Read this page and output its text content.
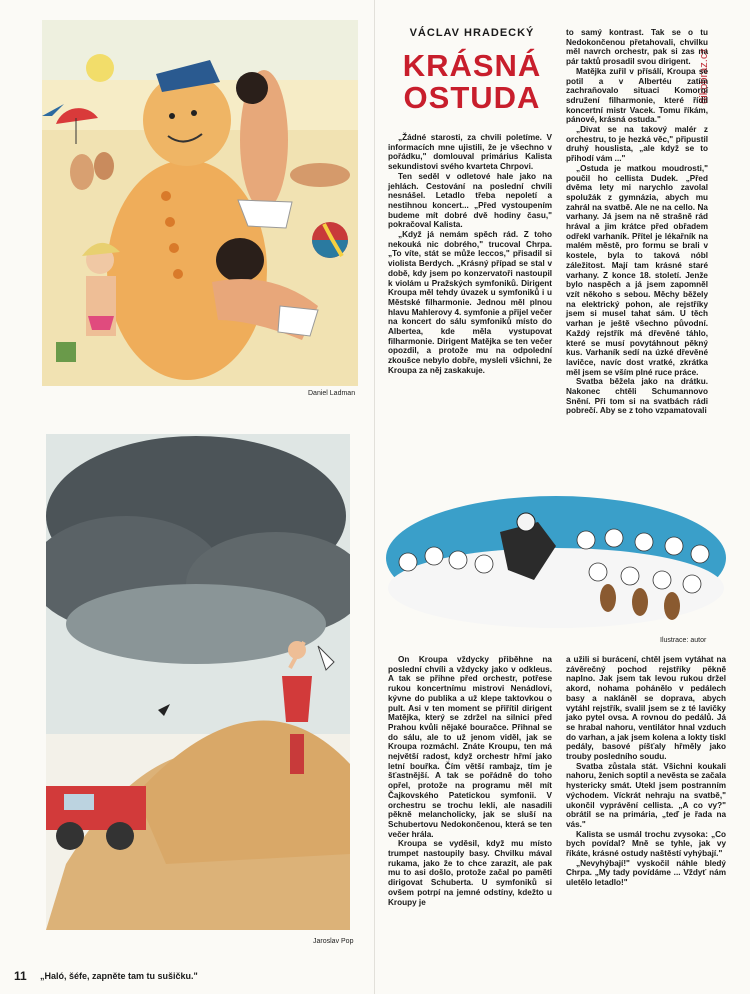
Daniel Ladman
Jaroslav Pop
Ilustrace: autor
dikobraz.cz
VÁCLAV HRADECKÝ
KRÁSNÁ
OSTUDA

„Žádné starosti, za chvili poletíme. V informacích mne ujistili, že je všechno v pořádku," domlouval primárius Kalista sekundistovi svého kvarteta Chrpovi.

Ten seděl v odletové hale jako na jehlách. Cestování na poslední chvíli nesnášel. Letadlo třeba nepoletí a nestihnou koncert... „Před vystoupením budeme mít dobré dvě hodiny času," pokračoval Kalista.

„Když já nemám spěch rád. Z toho nekouká nic dobrého," trucoval Chrpa. „To víte, stát se může leccos," přisadil si violista Berdych. „Krásný případ se stal v době, kdy jsem po konzervatoři nastoupil k violám u Pražských symfoniků. Dirigent Kroupa měl tehdy úvazek u symfoniků i u Městské filharmonie. Jednou měl plnou hlavu Mahlerovy 4. symfonie a přijel večer na koncert do sálu symfoniků místo do Albertea, kde měla vystupovat filharmonie. Dirigent Matějka se ten večer opozdil, a protože mu na odpolední zkoušce nebylo dobře, mysleli všichni, že Kroupa za něj zaskakuje.

to samý kontrast. Tak se o tu Nedokončenou přetahovali, chvilku měl navrch orchestr, pak si zas na pár taktů prosadil svou dirigent.

Matějka zuřil v přísálí, Kroupa se potil a v Albertéu zatím zachraňovalo situaci Komorní sdružení filharmonie, které řídil koncertní mistr Vacek. Tomu říkám, pánové, krásná ostuda."

„Divat se na takový malér z orchestru, to je hezká věc," připustil druhý houslista, „ale když se to přihodí vám ..."

„Ostuda je matkou moudrosti," poučil ho cellista Dudek. „Před dvěma lety mi narychlo zavolal spolužák z gymnázia, abych mu zahrál na svatbě. Ale ne na cello. Na varhany. Já jsem na ně strašně rád hrával a jim krátce před obřadem odřekl varhaník. Přítel je lékařník na malém městě, pro formu se brali v kostele, byla to taková nóbl záležitost. Mají tam krásné staré varhany. Z konce 18. století. Jenže bylo naspěch a já jsem zapomněl vzít někoho s sebou. Měchy běžely na elektrický pohon, ale rejstříky jsem si musel tahat sám. U těch varhan je ještě všechno původní. Každý rejstřík má dřevěné táhlo, které se musí povytáhnout pěkný kus. Varhaník sedí na úzké dřevěné lavičce, navíc dost vratké, zkrátka měl jsem se vším plné ruce práce.

Svatba běžela jako na drátku. Nakonec chtěli Schumannovo Snění. Při tom si na svatbách rádi pobrečí. Aby se z toho vzpamatovali

On Kroupa vždycky přiběhne na poslední chvíli a vždycky jako v odkleus. A tak se přihne před orchestr, potřese rukou koncertnímu mistrovi Nenádlovi, kývne do publika a už klepe taktovkou o pult. Asi v ten moment se přiřítil dirigent Matějka, který se zdržel na silnici před Prahou kvůli nějaké bouračce. Přihnal se do sálu, ale to už jenom viděl, jak se Kroupa rozmáchl. Znáte Kroupu, ten má největší radost, když orchestr hřmí jako letní bouřka. Čím větší rambajz, tím je šťastnější. A tak se pořádně do toho opřel, protože na programu měl mít Čajkovského Patetickou symfonii. V orchestru se trochu lekli, ale nasadili pěkně melancholicky, jak se sluší na Schubertovu Nedokončenou, která se ten večer hrála.

Kroupa se vyděsil, když mu místo trumpet nastoupily basy. Chvilku mával rukama, jako že to chce zarazit, ale pak mu to asi došlo, protože začal po paměti dirigovat Schuberta. U symfoniků si ovšem potrpí na jemné odstíny, kdežto u Kroupy je

a užili si burácení, chtěl jsem vytáhat na závěrečný pochod rejstříky pěkně naplno. Jak jsem tak levou rukou držel akord, nohama pohánělo v pedálech basy a nakláněl se doprava, abych vytáhl rejstřík, svalil jsem se z té lavičky jako pytel ovsa. A rovnou do pedálů. Já se hrabal nahoru, ventilátor hnal vzduch do varhan, a jak jsem kolena a lokty tiskl pedály, basové píšťaly hřměly jako trouby posledního soudu.

Svatba zůstala stát. Všichni koukali nahoru, ženich soptil a nevěsta se začala hystericky smát. Utekl jsem postranním východem. Víckrát nehraju na svatbě," ukončil vyprávění cellista. „A co vy?" obrátil se na primária, „teď je řada na vás."

Kalista se usmál trochu zvysoka: „Co bych povídal? Mně se tyhle, jak vy říkáte, krásné ostudy naštěstí vyhýbají."

„Nevyhýbají!" vyskočil náhle bledý Chrpa. „My tady povídáme ... Vždyť nám uletělo letadlo!"

11 „Haló, šéfe, zapněte tam tu sušičku."
